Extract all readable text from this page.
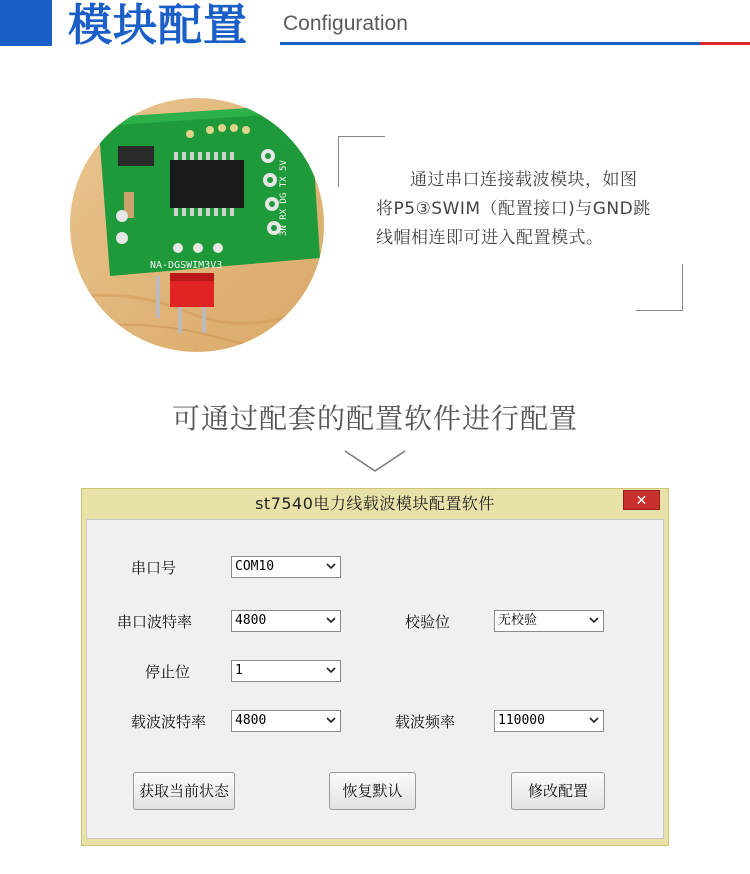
模块配置 Configuration
NA-DGSWIM3V3
3N RX DG TX 5V	通过串口连接载波模块，如图将P5③SWIM（配置接口)与GND跳线帽相连即可进入配置模式。
可通过配套的配置软件进行配置
st7540电力线载波模块配置软件	✕
串口号	COM10
串口波特率	4800	校验位	无校验
停止位	1
载波波特率	4800	载波频率	110000
获取当前状态	恢复默认	修改配置
